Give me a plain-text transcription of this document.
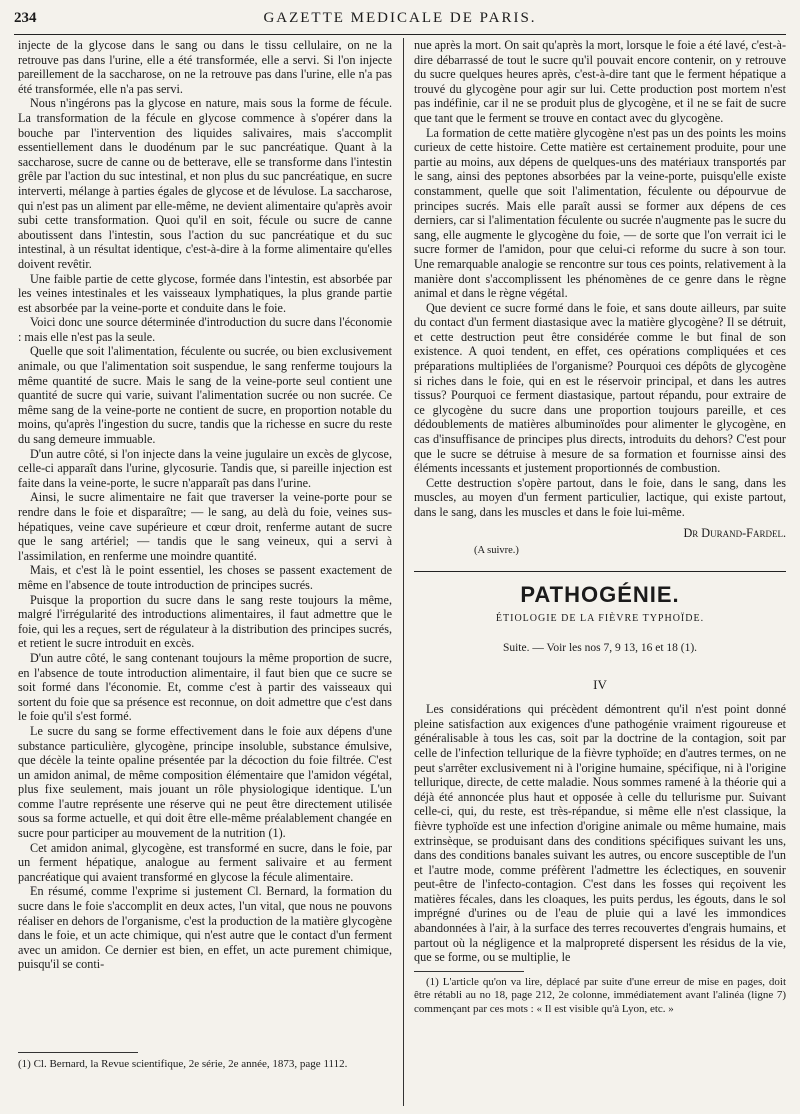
234	GAZETTE MEDICALE DE PARIS.

injecte de la glycose dans le sang ou dans le tissu cellulaire, on ne la retrouve pas dans l'urine, elle a été transformée, elle a servi. Si l'on injecte pareillement de la saccharose, on ne la retrouve pas dans l'urine, elle n'a pas été transformée, elle n'a pas servi.

Nous n'ingérons pas la glycose en nature, mais sous la forme de fécule. La transformation de la fécule en glycose commence à s'opérer dans la bouche par l'intervention des liquides salivaires, mais s'accomplit essentiellement dans le duodénum par le suc pancréatique. Quant à la saccharose, sucre de canne ou de betterave, elle se transforme dans l'intestin grêle par l'action du suc intestinal, et non plus du suc pancréatique, en sucre interverti, mélange à parties égales de glycose et de lévulose. La saccharose, qui n'est pas un aliment par elle-même, ne devient alimentaire qu'après avoir subi cette transformation. Quoi qu'il en soit, fécule ou sucre de canne aboutissent dans l'intestin, sous l'action du suc pancréatique et du suc intestinal, à un résultat identique, c'est-à-dire à la forme alimentaire qu'elles doivent revêtir.

Une faible partie de cette glycose, formée dans l'intestin, est absorbée par les veines intestinales et les vaisseaux lymphatiques, la plus grande partie est absorbée par la veine-porte et conduite dans le foie.

Voici donc une source déterminée d'introduction du sucre dans l'économie : mais elle n'est pas la seule.

Quelle que soit l'alimentation, féculente ou sucrée, ou bien exclusivement animale, ou que l'alimentation soit suspendue, le sang renferme toujours la même quantité de sucre. Mais le sang de la veine-porte seul contient une quantité de sucre qui varie, suivant l'alimentation sucrée ou non sucrée. Ce même sang de la veine-porte ne contient de sucre, en proportion notable du moins, qu'après l'ingestion du sucre, tandis que la richesse en sucre du reste du sang demeure immuable.

D'un autre côté, si l'on injecte dans la veine jugulaire un excès de glycose, celle-ci apparaît dans l'urine, glycosurie. Tandis que, si pareille injection est faite dans la veine-porte, le sucre n'apparaît pas dans l'urine.

Ainsi, le sucre alimentaire ne fait que traverser la veine-porte pour se rendre dans le foie et disparaître; — le sang, au delà du foie, veines sus-hépatiques, veine cave supérieure et cœur droit, renferme autant de sucre que le sang artériel; — tandis que le sang veineux, qui a servi à l'assimilation, en renferme une moindre quantité.

Mais, et c'est là le point essentiel, les choses se passent exactement de même en l'absence de toute introduction de principes sucrés.

Puisque la proportion du sucre dans le sang reste toujours la même, malgré l'irrégularité des introductions alimentaires, il faut admettre que le foie, qui les a reçues, sert de régulateur à la distribution des principes sucrés, et retient le sucre introduit en excès.

D'un autre côté, le sang contenant toujours la même proportion de sucre, en l'absence de toute introduction alimentaire, il faut bien que ce sucre se soit formé dans l'économie. Et, comme c'est à partir des vaisseaux qui sortent du foie que sa présence est reconnue, on doit admettre que c'est dans le foie qu'il s'est formé.

Le sucre du sang se forme effectivement dans le foie aux dépens d'une substance particulière, glycogène, principe insoluble, substance émulsive, que décèle la teinte opaline présentée par la décoction du foie filtrée. C'est un amidon animal, de même composition élémentaire que l'amidon végétal, plus fixe seulement, mais jouant un rôle physiologique identique. L'un comme l'autre représente une réserve qui ne peut être directement utilisée sous sa forme actuelle, et qui doit être elle-même préalablement changée en sucre pour participer au mouvement de la nutrition (1).

Cet amidon animal, glycogène, est transformé en sucre, dans le foie, par un ferment hépatique, analogue au ferment salivaire et au ferment pancréatique qui avaient transformé en glycose la fécule alimentaire.

En résumé, comme l'exprime si justement Cl. Bernard, la formation du sucre dans le foie s'accomplit en deux actes, l'un vital, que nous ne pouvons réaliser en dehors de l'organisme, c'est la production de la matière glycogène dans le foie, et un acte chimique, qui n'est autre que le contact d'un ferment avec un amidon. Ce dernier est bien, en effet, un acte purement chimique, puisqu'il se conti-

(1) Cl. Bernard, la Revue scientifique, 2e série, 2e année, 1873, page 1112.

nue après la mort. On sait qu'après la mort, lorsque le foie a été lavé, c'est-à-dire débarrassé de tout le sucre qu'il pouvait encore contenir, on y retrouve du sucre quelques heures après, c'est-à-dire tant que le ferment hépatique a trouvé du glycogène pour agir sur lui. Cette production post mortem n'est pas indéfinie, car il ne se produit plus de glycogène, et il ne se fait de sucre que tant que le ferment se trouve en contact avec du glycogène.

La formation de cette matière glycogène n'est pas un des points les moins curieux de cette histoire. Cette matière est certainement produite, pour une partie au moins, aux dépens de quelques-uns des matériaux transportés par le sang, ainsi des peptones absorbées par la veine-porte, puisqu'elle existe constamment, quelle que soit l'alimentation, féculente ou dépourvue de principes sucrés. Mais elle paraît aussi se former aux dépens de ces derniers, car si l'alimentation féculente ou sucrée n'augmente pas le sucre du sang, elle augmente le glycogène du foie, — de sorte que l'on verrait ici le sucre former de l'amidon, pour que celui-ci reforme du sucre à son tour. Une remarquable analogie se rencontre sur tous ces points, relativement à la manière dont s'accomplissent les phénomènes de ce genre dans le règne animal et dans le règne végétal.

Que devient ce sucre formé dans le foie, et sans doute ailleurs, par suite du contact d'un ferment diastasique avec la matière glycogène? Il se détruit, et cette destruction peut être considérée comme le but final de son existence. A quoi tendent, en effet, ces opérations compliquées et ces préparations multipliées de l'organisme? Pourquoi ces dépôts de glycogène si riches dans le foie, qui en est le réservoir principal, et dans les autres tissus? Pourquoi ce ferment diastasique, partout répandu, pour extraire de ce glycogène du sucre dans une proportion toujours pareille, et ces dédoublements de matières albuminoïdes pour alimenter le glycogène, en cas d'insuffisance de principes plus directs, introduits du dehors? C'est pour que le sucre se détruise à mesure de sa formation et fournisse ainsi des éléments incessants et justement proportionnés de combustion.

Cette destruction s'opère partout, dans le foie, dans le sang, dans les muscles, au moyen d'un ferment particulier, lactique, qui existe partout, dans le sang, dans les muscles et dans le foie lui-même.

Dr Durand-Fardel.
(A suivre.)
PATHOGÉNIE.
ÉTIOLOGIE DE LA FIÈVRE TYPHOÏDE.
Suite. — Voir les nos 7, 9 13, 16 et 18 (1).
IV

Les considérations qui précèdent démontrent qu'il n'est point donné pleine satisfaction aux exigences d'une pathogénie vraiment rigoureuse et généralisable à tous les cas, soit par la doctrine de la contagion, soit par celle de l'infection tellurique de la fièvre typhoïde; en d'autres termes, on ne peut s'arrêter exclusivement ni à l'origine humaine, spécifique, ni à l'origine tellurique, directe, de cette maladie. Nous sommes ramené à la théorie qui a déjà été annoncée plus haut et opposée à celle du tellurisme pur. Suivant celle-ci, qui, du reste, est très-répandue, si même elle n'est classique, la fièvre typhoïde est une infection d'origine animale ou même humaine, mais extrinsèque, se produisant dans des conditions spécifiques suivant les uns, dans des conditions banales suivant les autres, ou encore susceptible de l'un et l'autre mode, comme préfèrent l'admettre les éclectiques, en souvenir peut-être de l'infecto-contagion. C'est dans les fosses qui reçoivent les matières fécales, dans les cloaques, les puits perdus, les égouts, dans le sol imprégné d'urines ou de l'eau de pluie qui a lavé les immondices abandonnées à l'air, à la surface des terres recouvertes d'engrais humains, et partout où la négligence et la malpropreté dispersent les résidus de la vie, que se forme, ou se multiplie, le

(1) L'article qu'on va lire, déplacé par suite d'une erreur de mise en pages, doit être rétabli au no 18, page 212, 2e colonne, immédiatement avant l'alinéa (ligne 7) commençant par ces mots : « Il est visible qu'à Lyon, etc. »
